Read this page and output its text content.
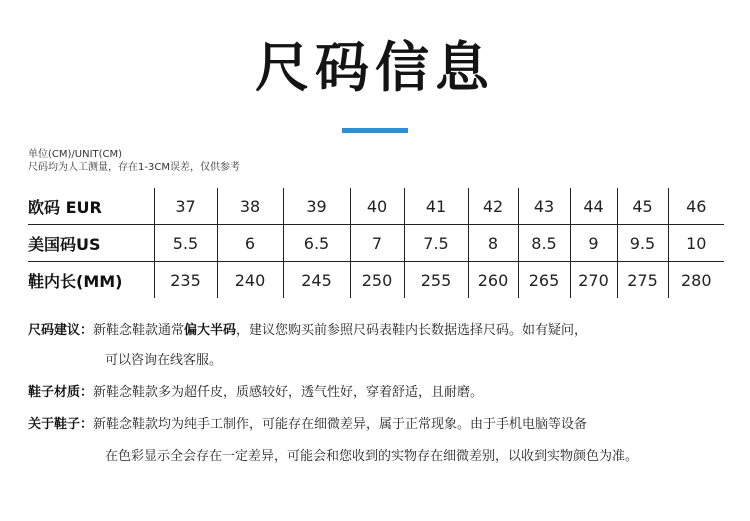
尺码信息
单位(CM)/UNIT(CM)
尺码均为人工测量，存在1-3CM误差，仅供参考
欧码 EUR	37	38	39	40	41	42	43	44	45	46
美国码US	5.5	6	6.5	7	7.5	8	8.5	9	9.5	10
鞋内长(MM)	235	240	245	250	255	260	265	270	275	280
尺码建议：新鞋念鞋款通常偏大半码，建议您购买前参照尺码表鞋内长数据选择尺码。如有疑问，
可以咨询在线客服。
鞋子材质：新鞋念鞋款多为超仟皮，质感较好，透气性好，穿着舒适，且耐磨。
关于鞋子：新鞋念鞋款均为纯手工制作，可能存在细微差异，属于正常现象。由于手机电脑等设备
在色彩显示全会存在一定差异，可能会和您收到的实物存在细微差别，以收到实物颜色为准。
